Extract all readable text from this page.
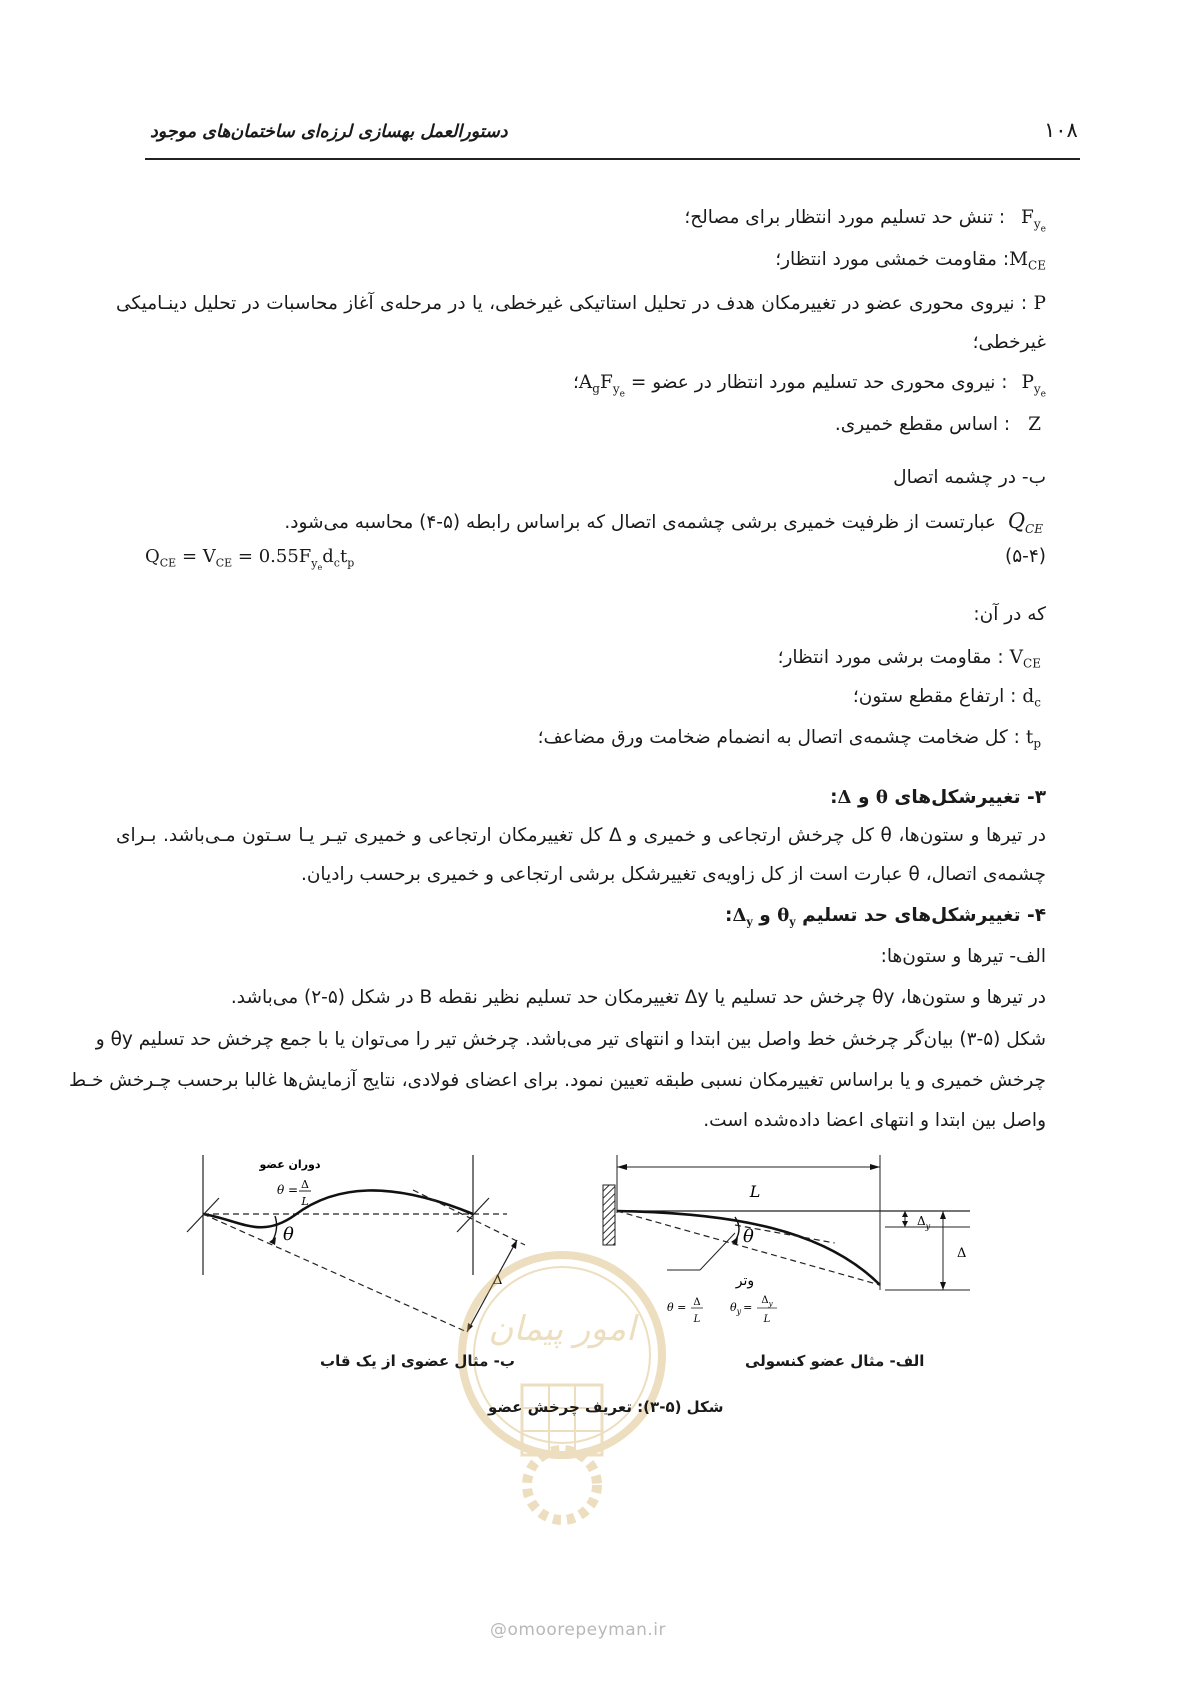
۱۰۸
دستورالعمل بهسازی لرزه‌ای ساختمان‌های موجود
$F_{y_e}$ : تنش حد تسلیم مورد انتظار برای مصالح؛
$M_{CE}$: مقاومت خمشی مورد انتظار؛
P : نیروی محوری عضو در تغییرمکان هدف در تحلیل استاتیکی غیرخطی، یا در مرحله‌ی آغاز محاسبات در تحلیل دینـامیکی
غیرخطی؛
$P_{y_e}$ : نیروی محوری حد تسلیم مورد انتظار در عضو = $A_gF_{y_e}؛$
Z: اساس مقطع خمیری.
ب- در چشمه اتصال
$Q_{CE}$ عبارتست از ظرفیت خمیری برشی چشمه‌ی اتصال که براساس رابطه (۵-۴) محاسبه می‌شود.
(۵-۴)
$Q_{CE} = V_{CE} = 0.55F_{y_e}d_ct_p$
که در آن:
$V_{CE}$: مقاومت برشی مورد انتظار؛
$d_c$: ارتفاع مقطع ستون؛
$t_p$: کل ضخامت چشمه‌ی اتصال به انضمام ضخامت ورق مضاعف؛
۳- تغییرشکل‌های θ و Δ:
در تیرها و ستون‌ها، θ کل چرخش ارتجاعی و خمیری و Δ کل تغییرمکان ارتجاعی و خمیری تیـر یـا سـتون مـی‌باشد. بـرای
چشمه‌ی اتصال، θ عبارت است از کل زاویه‌ی تغییرشکل برشی ارتجاعی و خمیری برحسب رادیان.
۴- تغییرشکل‌های حد تسلیم $\theta_y$ و $\Delta_y$:
الف- تیرها و ستون‌ها:
در تیرها و ستون‌ها، θy چرخش حد تسلیم یا Δy تغییرمکان حد تسلیم نظیر نقطه B در شکل (۵-۲) می‌باشد.
شکل (۵-۳) بیان‌گر چرخش خط واصل بین ابتدا و انتهای تیر می‌باشد. چرخش تیر را می‌توان یا با جمع چرخش حد تسلیم θy و
چرخش خمیری و یا براساس تغییرمکان نسبی طبقه تعیین نمود. برای اعضای فولادی، نتایج آزمایش‌ها غالبا برحسب چـرخش خـط
واصل بین ابتدا و انتهای اعضا داده‌شده است.
دوران عضو
θ = Δ
L
θ
Δ
L
θ
$\Delta_y$
Δ
وتر
θ = Δ
L
$\theta_y$ =
$\Delta_y$
L
امور پیمان
ب- مثال عضوی از یک قاب	الف- مثال عضو کنسولی
شکل (۵-۳): تعریف چرخش عضو
@omoorepeyman.ir
